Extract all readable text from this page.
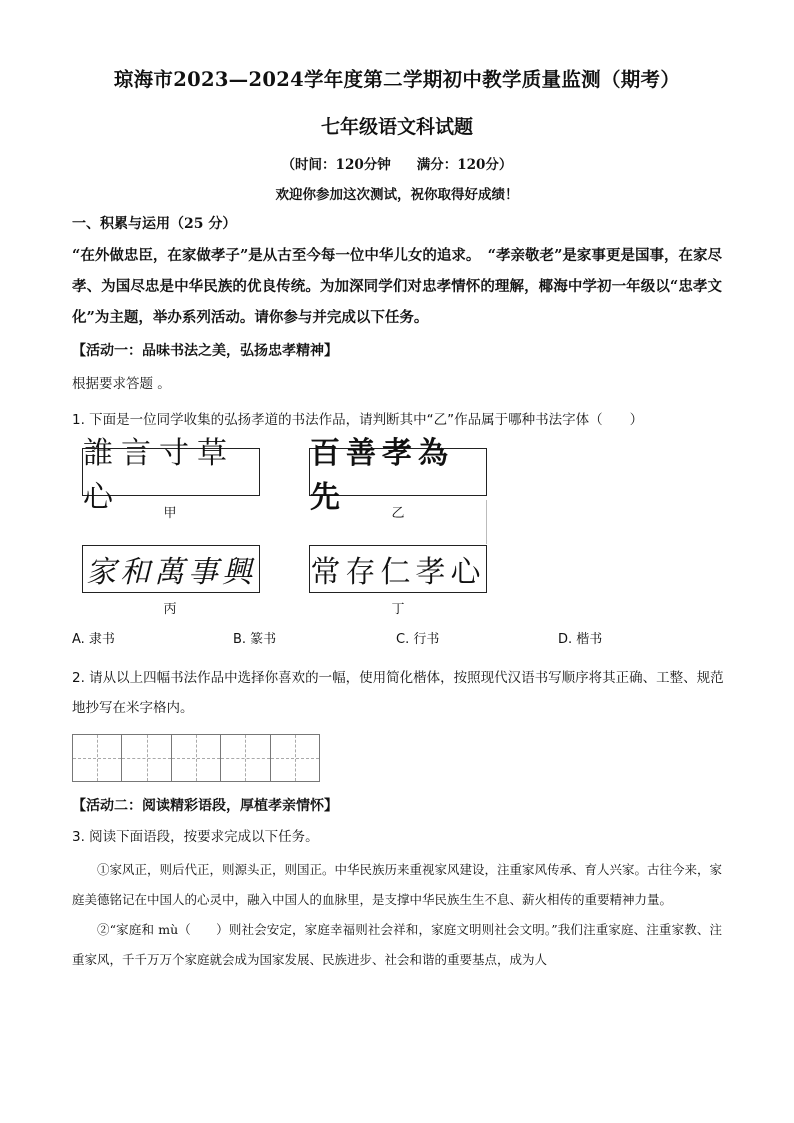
琼海市2023—2024学年度第二学期初中教学质量监测（期考）
七年级语文科试题
（时间：120分钟 满分：120分）
欢迎你参加这次测试，祝你取得好成绩！
一、积累与运用（25 分）

“在外做忠臣，在家做孝子”是从古至今每一位中华儿女的追求。　“孝亲敬老”是家事更是国事，在家尽孝、为国尽忠是中华民族的优良传统。为加深同学们对忠孝情怀的理解，椰海中学初一年级以“忠孝文化”为主题，举办系列活动。请你参与并完成以下任务。

【活动一：品味书法之美，弘扬忠孝精神】
根据要求答题 。
1. 下面是一位同学收集的弘扬孝道的书法作品，请判断其中“乙”作品属于哪种书法字体（　　）
誰言寸草心	甲
百善孝為先	乙
家和萬事興
丙
常存仁孝心
丁
A. 隶书	B. 篆书	C. 行书	D. 楷书
2. 请从以上四幅书法作品中选择你喜欢的一幅，使用简化楷体，按照现代汉语书写顺序将其正确、工整、规范地抄写在米字格内。
【活动二：阅读精彩语段，厚植孝亲情怀】
3. 阅读下面语段，按要求完成以下任务。

①家风正，则后代正，则源头正，则国正。中华民族历来重视家风建设，注重家风传承、育人兴家。古往今来，家庭美德铭记在中国人的心灵中，融入中国人的血脉里，是支撑中华民族生生不息、薪火相传的重要精神力量。

②“家庭和 mù（　　）则社会安定，家庭幸福则社会祥和，家庭文明则社会文明。”我们注重家庭、注重家教、注重家风，千千万万个家庭就会成为国家发展、民族进步、社会和谐的重要基点，成为人
